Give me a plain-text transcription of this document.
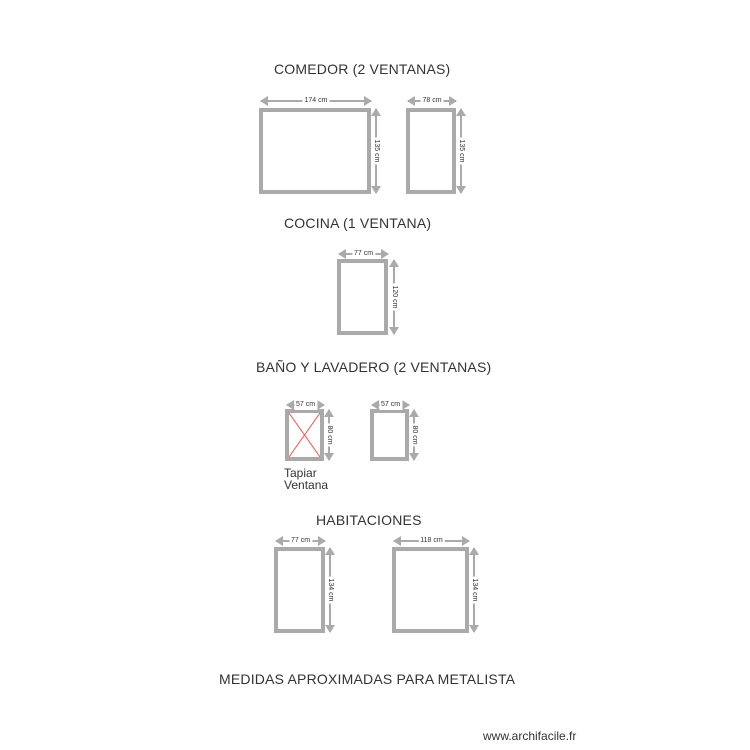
COMEDOR (2 VENTANAS)
COCINA (1 VENTANA)
BAÑO Y LAVADERO (2 VENTANAS)
HABITACIONES
174 cm
135 cm
78 cm
135 cm
77 cm
120 cm
57 cm
80 cm
Tapiar
Ventana
57 cm
80 cm
77 cm
134 cm
118 cm
134 cm
MEDIDAS APROXIMADAS PARA METALISTA
www.archifacile.fr
